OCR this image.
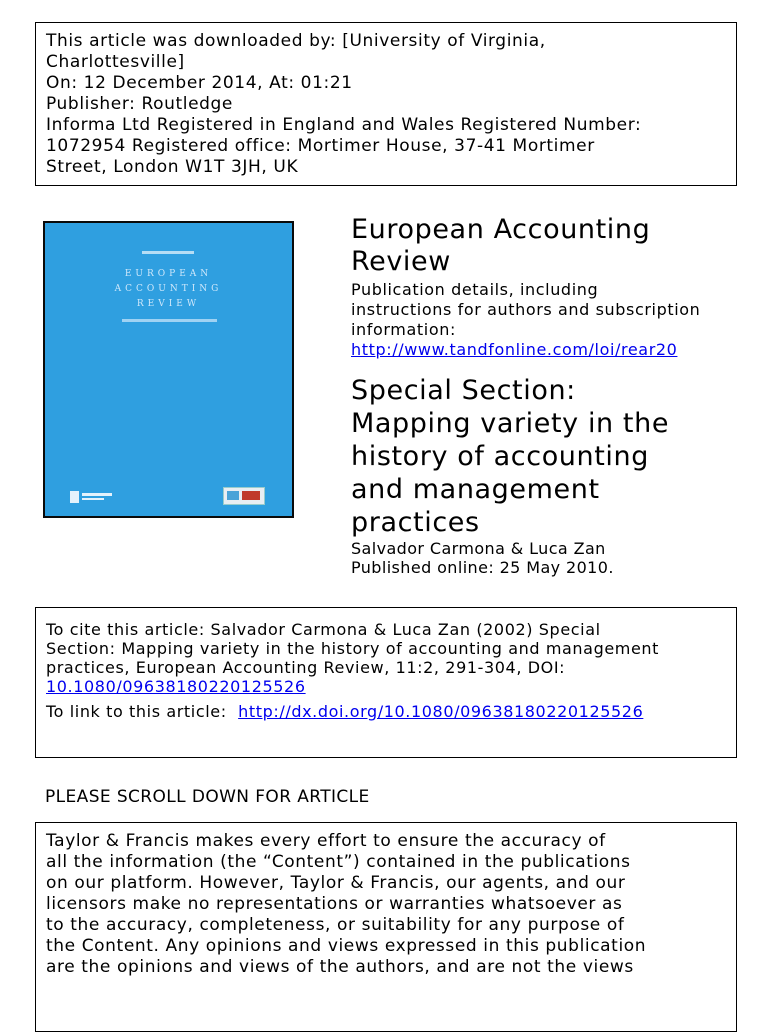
This article was downloaded by: [University of Virginia,
Charlottesville]
On: 12 December 2014, At: 01:21
Publisher: Routledge
Informa Ltd Registered in England and Wales Registered Number:
1072954 Registered office: Mortimer House, 37-41 Mortimer
Street, London W1T 3JH, UK
EUROPEAN
ACCOUNTING
REVIEW
European Accounting
Review
Publication details, including
instructions for authors and subscription
information:
http://www.tandfonline.com/loi/rear20
Special Section:
Mapping variety in the
history of accounting
and management
practices
Salvador Carmona & Luca Zan
Published online: 25 May 2010.

To cite this article: Salvador Carmona & Luca Zan (2002) Special

Section: Mapping variety in the history of accounting and management

practices, European Accounting Review, 11:2, 291-304, DOI:

10.1080/09638180220125526

To link to this article: http://dx.doi.org/10.1080/09638180220125526

PLEASE SCROLL DOWN FOR ARTICLE
Taylor & Francis makes every effort to ensure the accuracy of
all the information (the “Content”) contained in the publications
on our platform. However, Taylor & Francis, our agents, and our
licensors make no representations or warranties whatsoever as
to the accuracy, completeness, or suitability for any purpose of
the Content. Any opinions and views expressed in this publication
are the opinions and views of the authors, and are not the views
